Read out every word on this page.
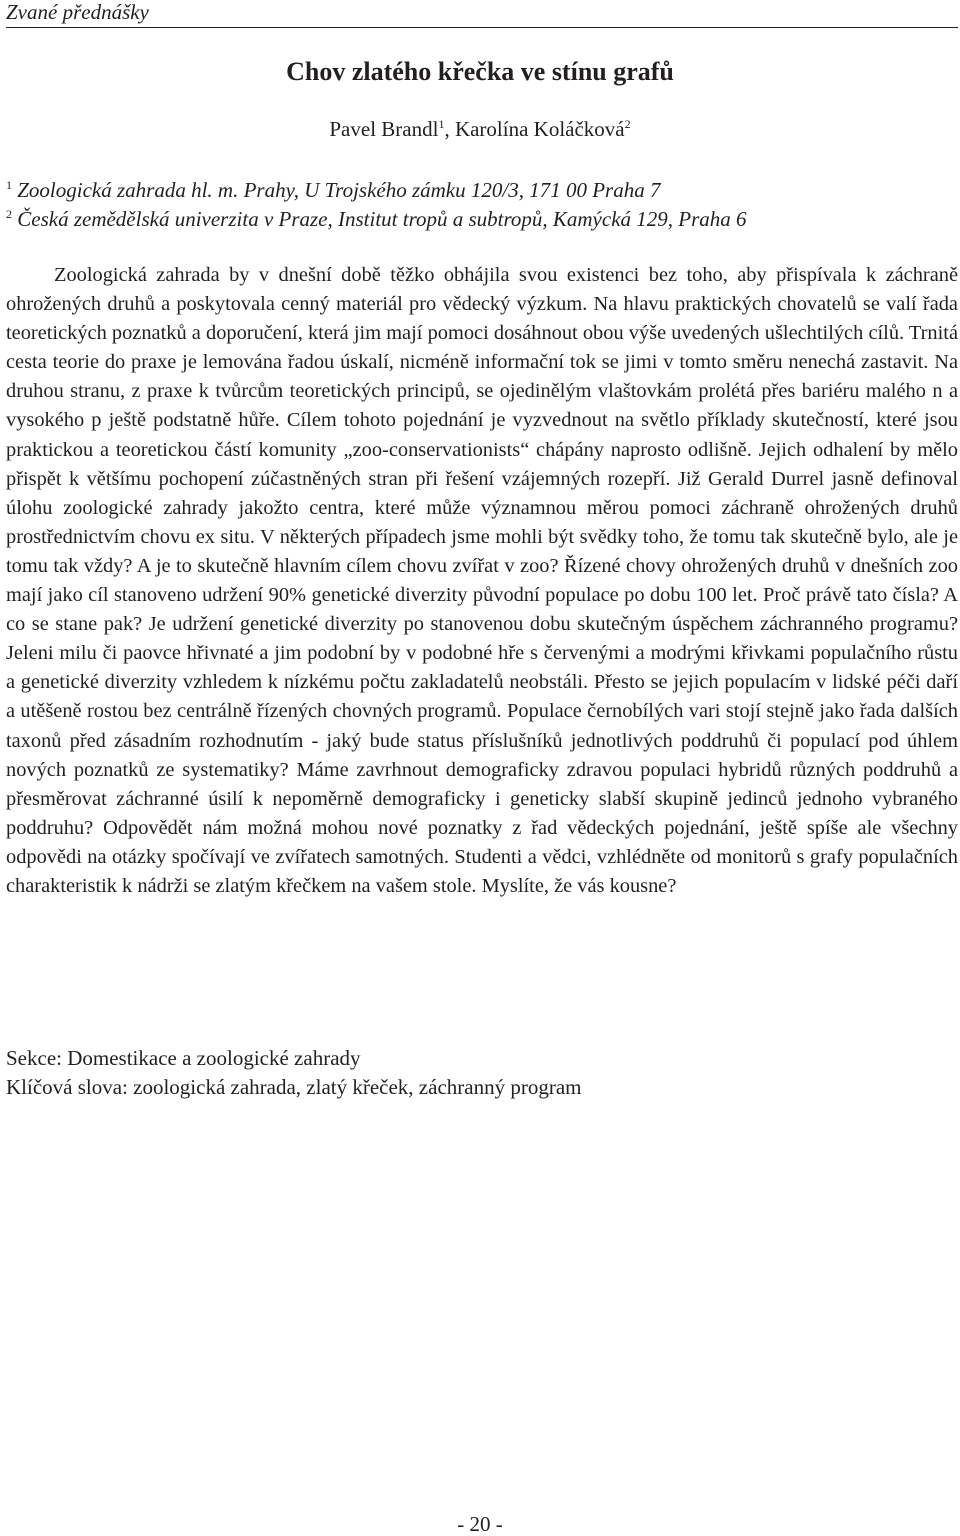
Zvané přednášky
Chov zlatého křečka ve stínu grafů
Pavel Brandl$^1$, Karolína Koláčková$^2$
$^1$ Zoologická zahrada hl. m. Prahy, U Trojského zámku 120/3, 171 00 Praha 7
$^2$ Česká zemědělská univerzita v Praze, Institut tropů a subtropů, Kamýcká 129, Praha 6

Zoologická zahrada by v dnešní době těžko obhájila svou existenci bez toho, aby přispívala k záchraně ohrožených druhů a poskytovala cenný materiál pro vědecký výzkum. Na hlavu praktických chovatelů se valí řada teoretických poznatků a doporučení, která jim mají pomoci dosáhnout obou výše uvedených ušlechtilých cílů. Trnitá cesta teorie do praxe je lemována řadou úskalí, nicméně informační tok se jimi v tomto směru nenechá zastavit. Na druhou stranu, z praxe k tvůrcům teoretických principů, se ojedinělým vlaštovkám prolétá přes bariéru malého n a vysokého p ještě podstatně hůře. Cílem tohoto pojednání je vyzvednout na světlo příklady skutečností, které jsou praktickou a teoretickou částí komunity „zoo-conservationists“ chápány naprosto odlišně. Jejich odhalení by mělo přispět k většímu pochopení zúčastněných stran při řešení vzájemných rozepří. Již Gerald Durrel jasně definoval úlohu zoologické zahrady jakožto centra, které může významnou měrou pomoci záchraně ohrožených druhů prostřednictvím chovu ex situ. V některých případech jsme mohli být svědky toho, že tomu tak skutečně bylo, ale je tomu tak vždy? A je to skutečně hlavním cílem chovu zvířat v zoo? Řízené chovy ohrožených druhů v dnešních zoo mají jako cíl stanoveno udržení 90% genetické diverzity původní populace po dobu 100 let. Proč právě tato čísla? A co se stane pak? Je udržení genetické diverzity po stanovenou dobu skutečným úspěchem záchranného programu? Jeleni milu či paovce hřivnaté a jim podobní by v podobné hře s červenými a modrými křivkami populačního růstu a genetické diverzity vzhledem k nízkému počtu zakladatelů neobstáli. Přesto se jejich populacím v lidské péči daří a utěšeně rostou bez centrálně řízených chovných programů. Populace černobílých vari stojí stejně jako řada dalších taxonů před zásadním rozhodnutím - jaký bude status příslušníků jednotlivých poddruhů či populací pod úhlem nových poznatků ze systematiky? Máme zavrhnout demograficky zdravou populaci hybridů různých poddruhů a přesměrovat záchranné úsilí k nepoměrně demograficky i geneticky slabší skupině jedinců jednoho vybraného poddruhu? Odpovědět nám možná mohou nové poznatky z řad vědeckých pojednání, ještě spíše ale všechny odpovědi na otázky spočívají ve zvířatech samotných. Studenti a vědci, vzhlédněte od monitorů s grafy populačních charakteristik k nádrži se zlatým křečkem na vašem stole. Myslíte, že vás kousne?

Sekce: Domestikace a zoologické zahrady
Klíčová slova: zoologická zahrada, zlatý křeček, záchranný program
- 20 -
